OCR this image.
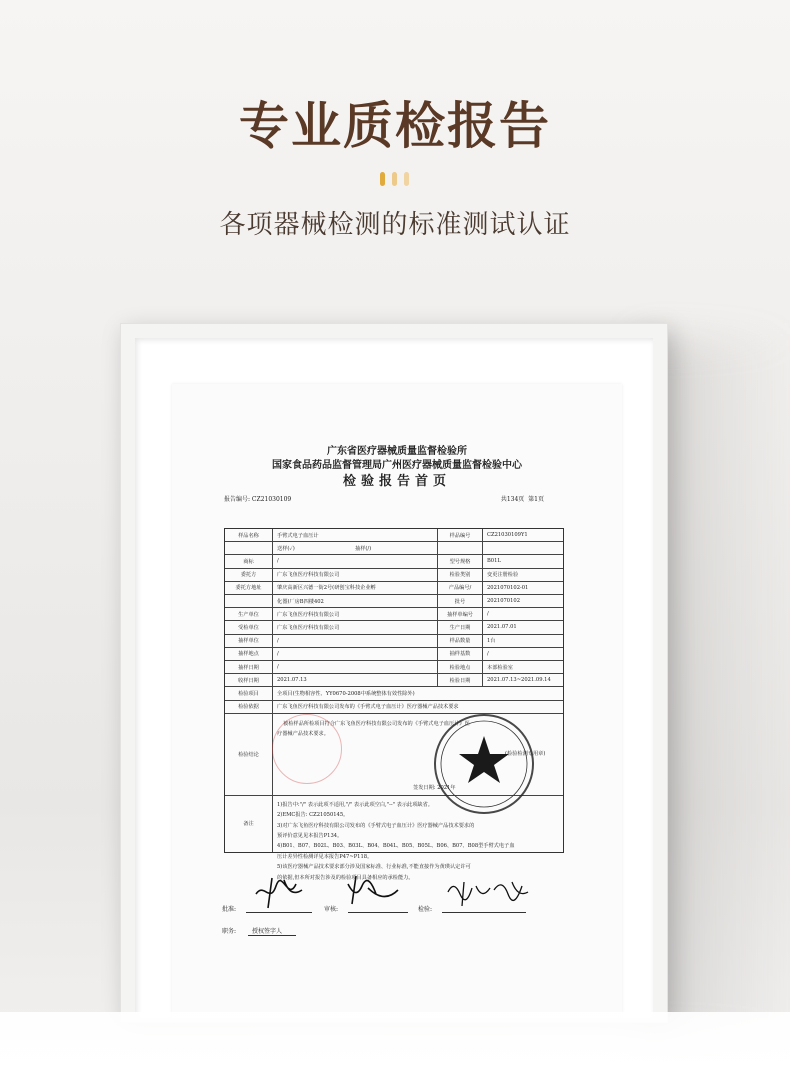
专业质检报告
各项器械检测的标准测试认证
广东省医疗器械质量监督检验所
国家食品药品监督管理局广州医疗器械质量监督检验中心
检验报告首页
报告编号: CZ21030109	共134页 第1页
样品名称	手臂式电子血压计	样品编号	CZ21030109Y1
送样(✓)	抽样(/)
商标	/	型号规格	B01L
委托方	广东飞鱼医疗科技有限公司	检验类别	变更注册检验
委托方地址	肇庆高新区兴德一街2号(研创宝科技企业孵	产品编号/	2021070102-01
化器)厂房B四楼402	批号	2021070102
生产单位	广东飞鱼医疗科技有限公司	抽样单编号	/
受检单位	广东飞鱼医疗科技有限公司	生产日期	2021.07.01
抽样单位	/	样品数量	1台
抽样地点	/	抽样基数	/
抽样日期	/	检验地点	本部检验室
收样日期	2021.07.13	检验日期	2021.07.13~2021.09.14
检验项目	全项目(生物相容性、YY0670-2008中系统整体有效性除外)
检验依据	广东飞鱼医疗科技有限公司发布的《手臂式电子血压计》医疗器械产品技术要求
检验结论
被检样品所检项目符合广东飞鱼医疗科技有限公司发布的《手臂式电子血压计》医
疗器械产品技术要求。
(检验检测专用章)
签发日期: 2021年
备注
1)报告中:"/" 表示此项不适用,"/" 表示此项空白,"--" 表示此项缺省。
2)EMC报告: CZ21050145。
3)对广东飞鱼医疗科技有限公司发布的《手臂式电子血压计》医疗器械产品技术要求的
预评价意见见本报告P134。
4)B01、B07、B02L、B03、B03L、B04、B04L、B05、B05L、B06、B07、B08型手臂式电子血
压计差异性检测详见本报告P47~P118。
5)该医疗器械产品技术要求部分涉及国家标准、行业标准,不能直接作为黄瑛认定许可
的依据,但本所对报告涉及的检验项目具备相应的承检能力。
批准:	审核:	检验:
职务:	授权签字人
